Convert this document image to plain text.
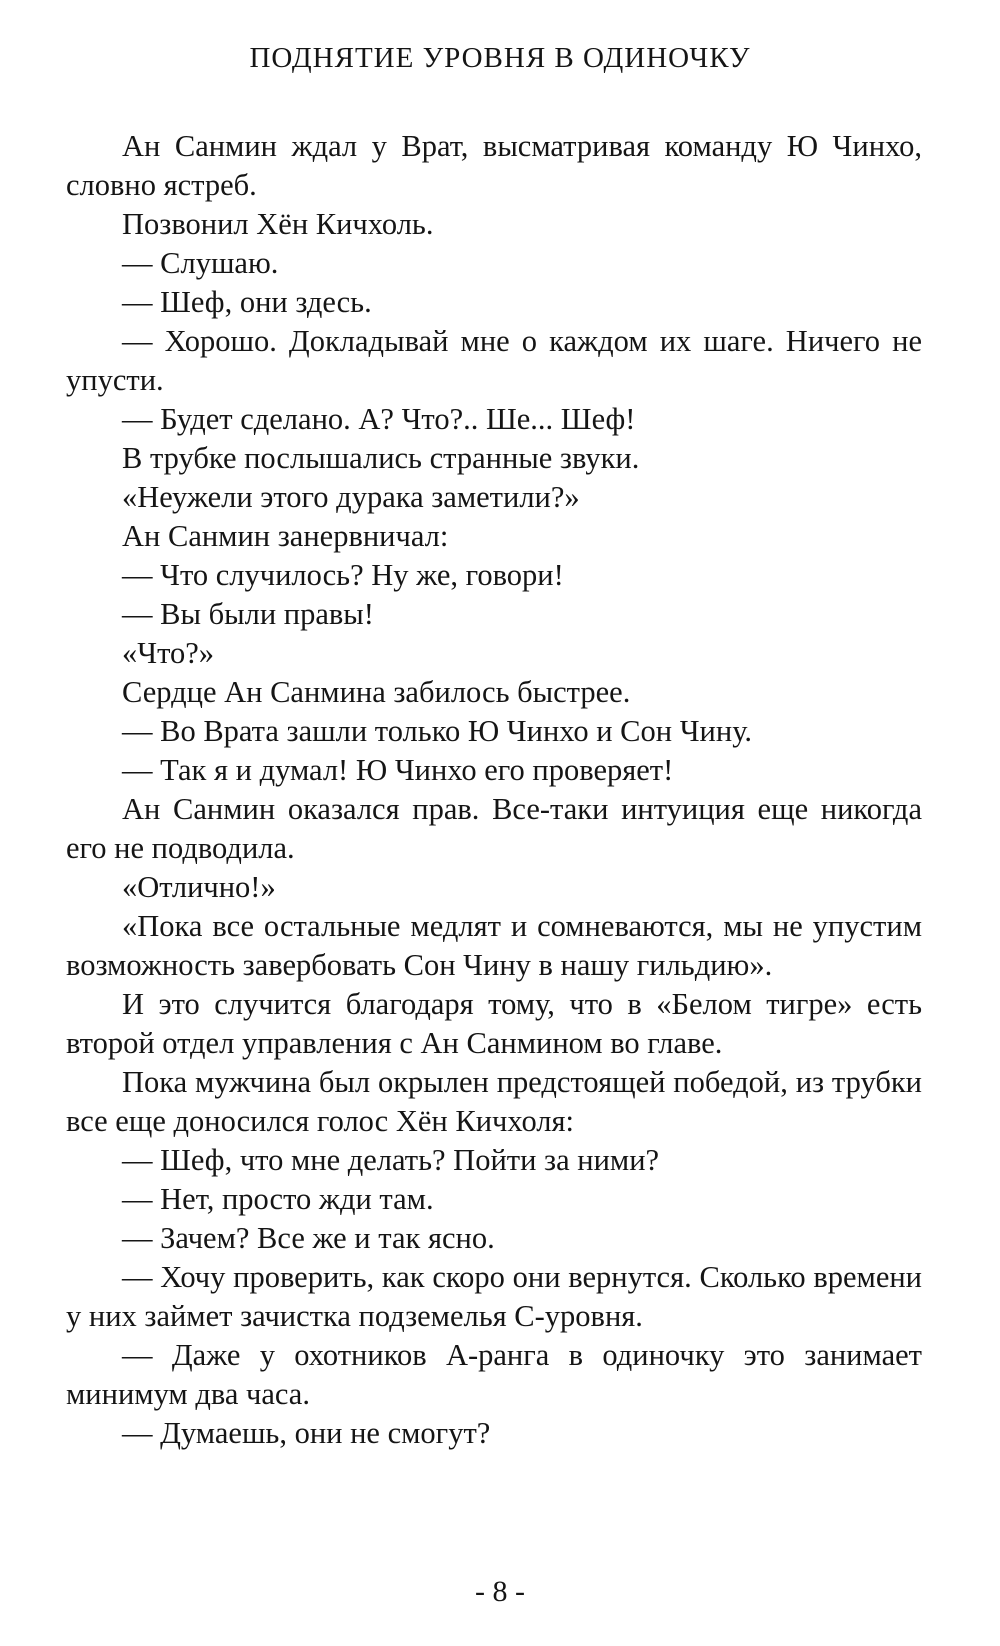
ПОДНЯТИЕ УРОВНЯ В ОДИНОЧКУ

Ан Санмин ждал у Врат, высматривая команду Ю Чинхо, словно ястреб.

Позвонил Хён Кичхоль.

— Слушаю.

— Шеф, они здесь.

— Хорошо. Докладывай мне о каждом их шаге. Ничего не упусти.

— Будет сделано. А? Что?.. Ше... Шеф!

В трубке послышались странные звуки.

«Неужели этого дурака заметили?»

Ан Санмин занервничал:

— Что случилось? Ну же, говори!

— Вы были правы!

«Что?»

Сердце Ан Санмина забилось быстрее.

— Во Врата зашли только Ю Чинхо и Сон Чину.

— Так я и думал! Ю Чинхо его проверяет!

Ан Санмин оказался прав. Все-таки интуиция еще никогда его не подводила.

«Отлично!»

«Пока все остальные медлят и сомневаются, мы не упустим возможность завербовать Сон Чину в нашу гильдию».

И это случится благодаря тому, что в «Белом тигре» есть второй отдел управления с Ан Санмином во главе.

Пока мужчина был окрылен предстоящей победой, из трубки все еще доносился голос Хён Кичхоля:

— Шеф, что мне делать? Пойти за ними?

— Нет, просто жди там.

— Зачем? Все же и так ясно.

— Хочу проверить, как скоро они вернутся. Сколько времени у них займет зачистка подземелья С-уровня.

— Даже у охотников А-ранга в одиночку это занимает минимум два часа.

— Думаешь, они не смогут?

- 8 -
